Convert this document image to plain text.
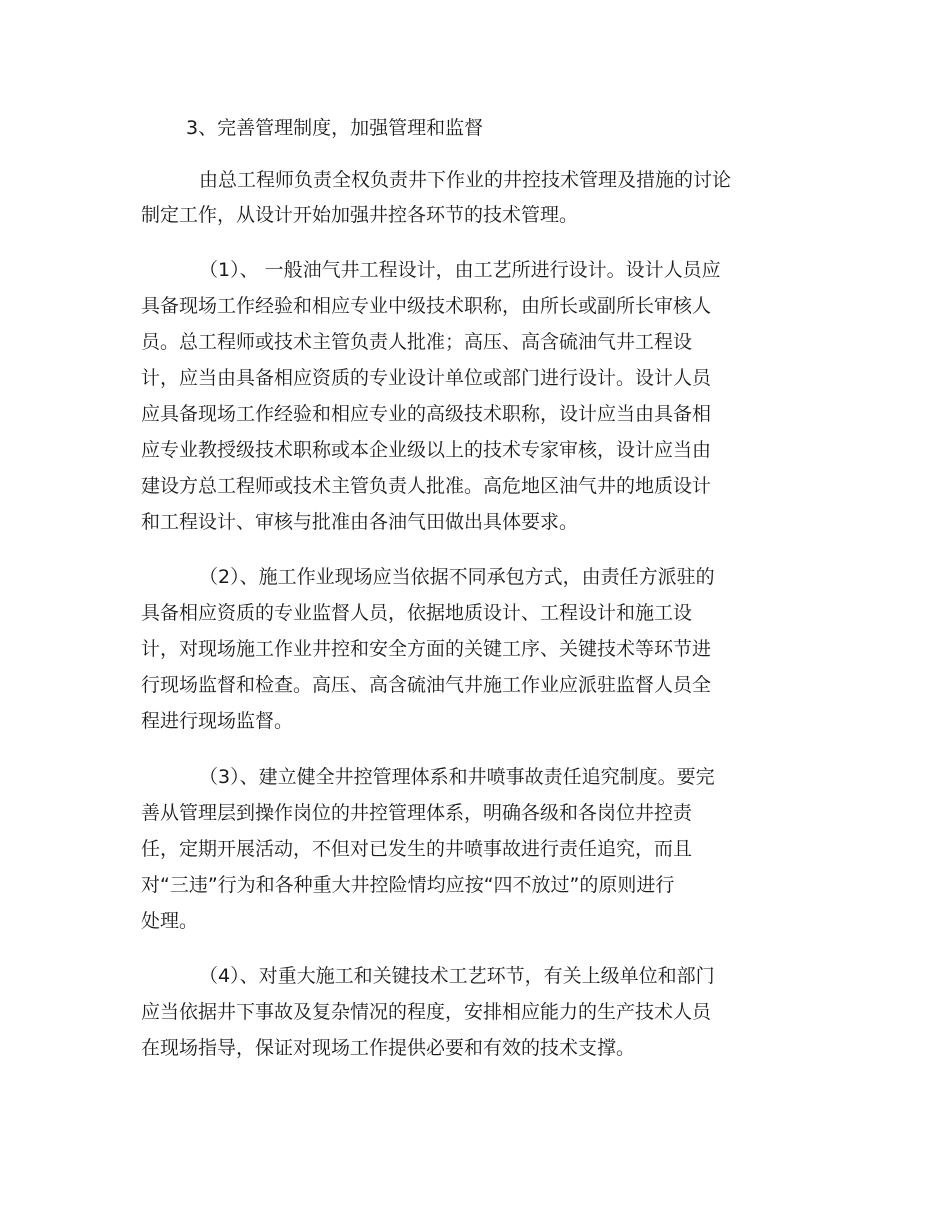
3、完善管理制度，加强管理和监督

由总工程师负责全权负责井下作业的井控技术管理及措施的讨论

制定工作，从设计开始加强井控各环节的技术管理。

（1）、 一般油气井工程设计，由工艺所进行设计。设计人员应

具备现场工作经验和相应专业中级技术职称，由所长或副所长审核人

员。总工程师或技术主管负责人批准；高压、高含硫油气井工程设

计，应当由具备相应资质的专业设计单位或部门进行设计。设计人员

应具备现场工作经验和相应专业的高级技术职称，设计应当由具备相

应专业教授级技术职称或本企业级以上的技术专家审核，设计应当由

建设方总工程师或技术主管负责人批准。高危地区油气井的地质设计

和工程设计、审核与批准由各油气田做出具体要求。

（2）、施工作业现场应当依据不同承包方式，由责任方派驻的

具备相应资质的专业监督人员，依据地质设计、工程设计和施工设

计，对现场施工作业井控和安全方面的关键工序、关键技术等环节进

行现场监督和检查。高压、高含硫油气井施工作业应派驻监督人员全

程进行现场监督。

（3）、建立健全井控管理体系和井喷事故责任追究制度。要完

善从管理层到操作岗位的井控管理体系，明确各级和各岗位井控责

任，定期开展活动，不但对已发生的井喷事故进行责任追究，而且

对“三违”行为和各种重大井控险情均应按“四不放过”的原则进行

处理。

（4）、对重大施工和关键技术工艺环节，有关上级单位和部门

应当依据井下事故及复杂情况的程度，安排相应能力的生产技术人员

在现场指导，保证对现场工作提供必要和有效的技术支撑。
